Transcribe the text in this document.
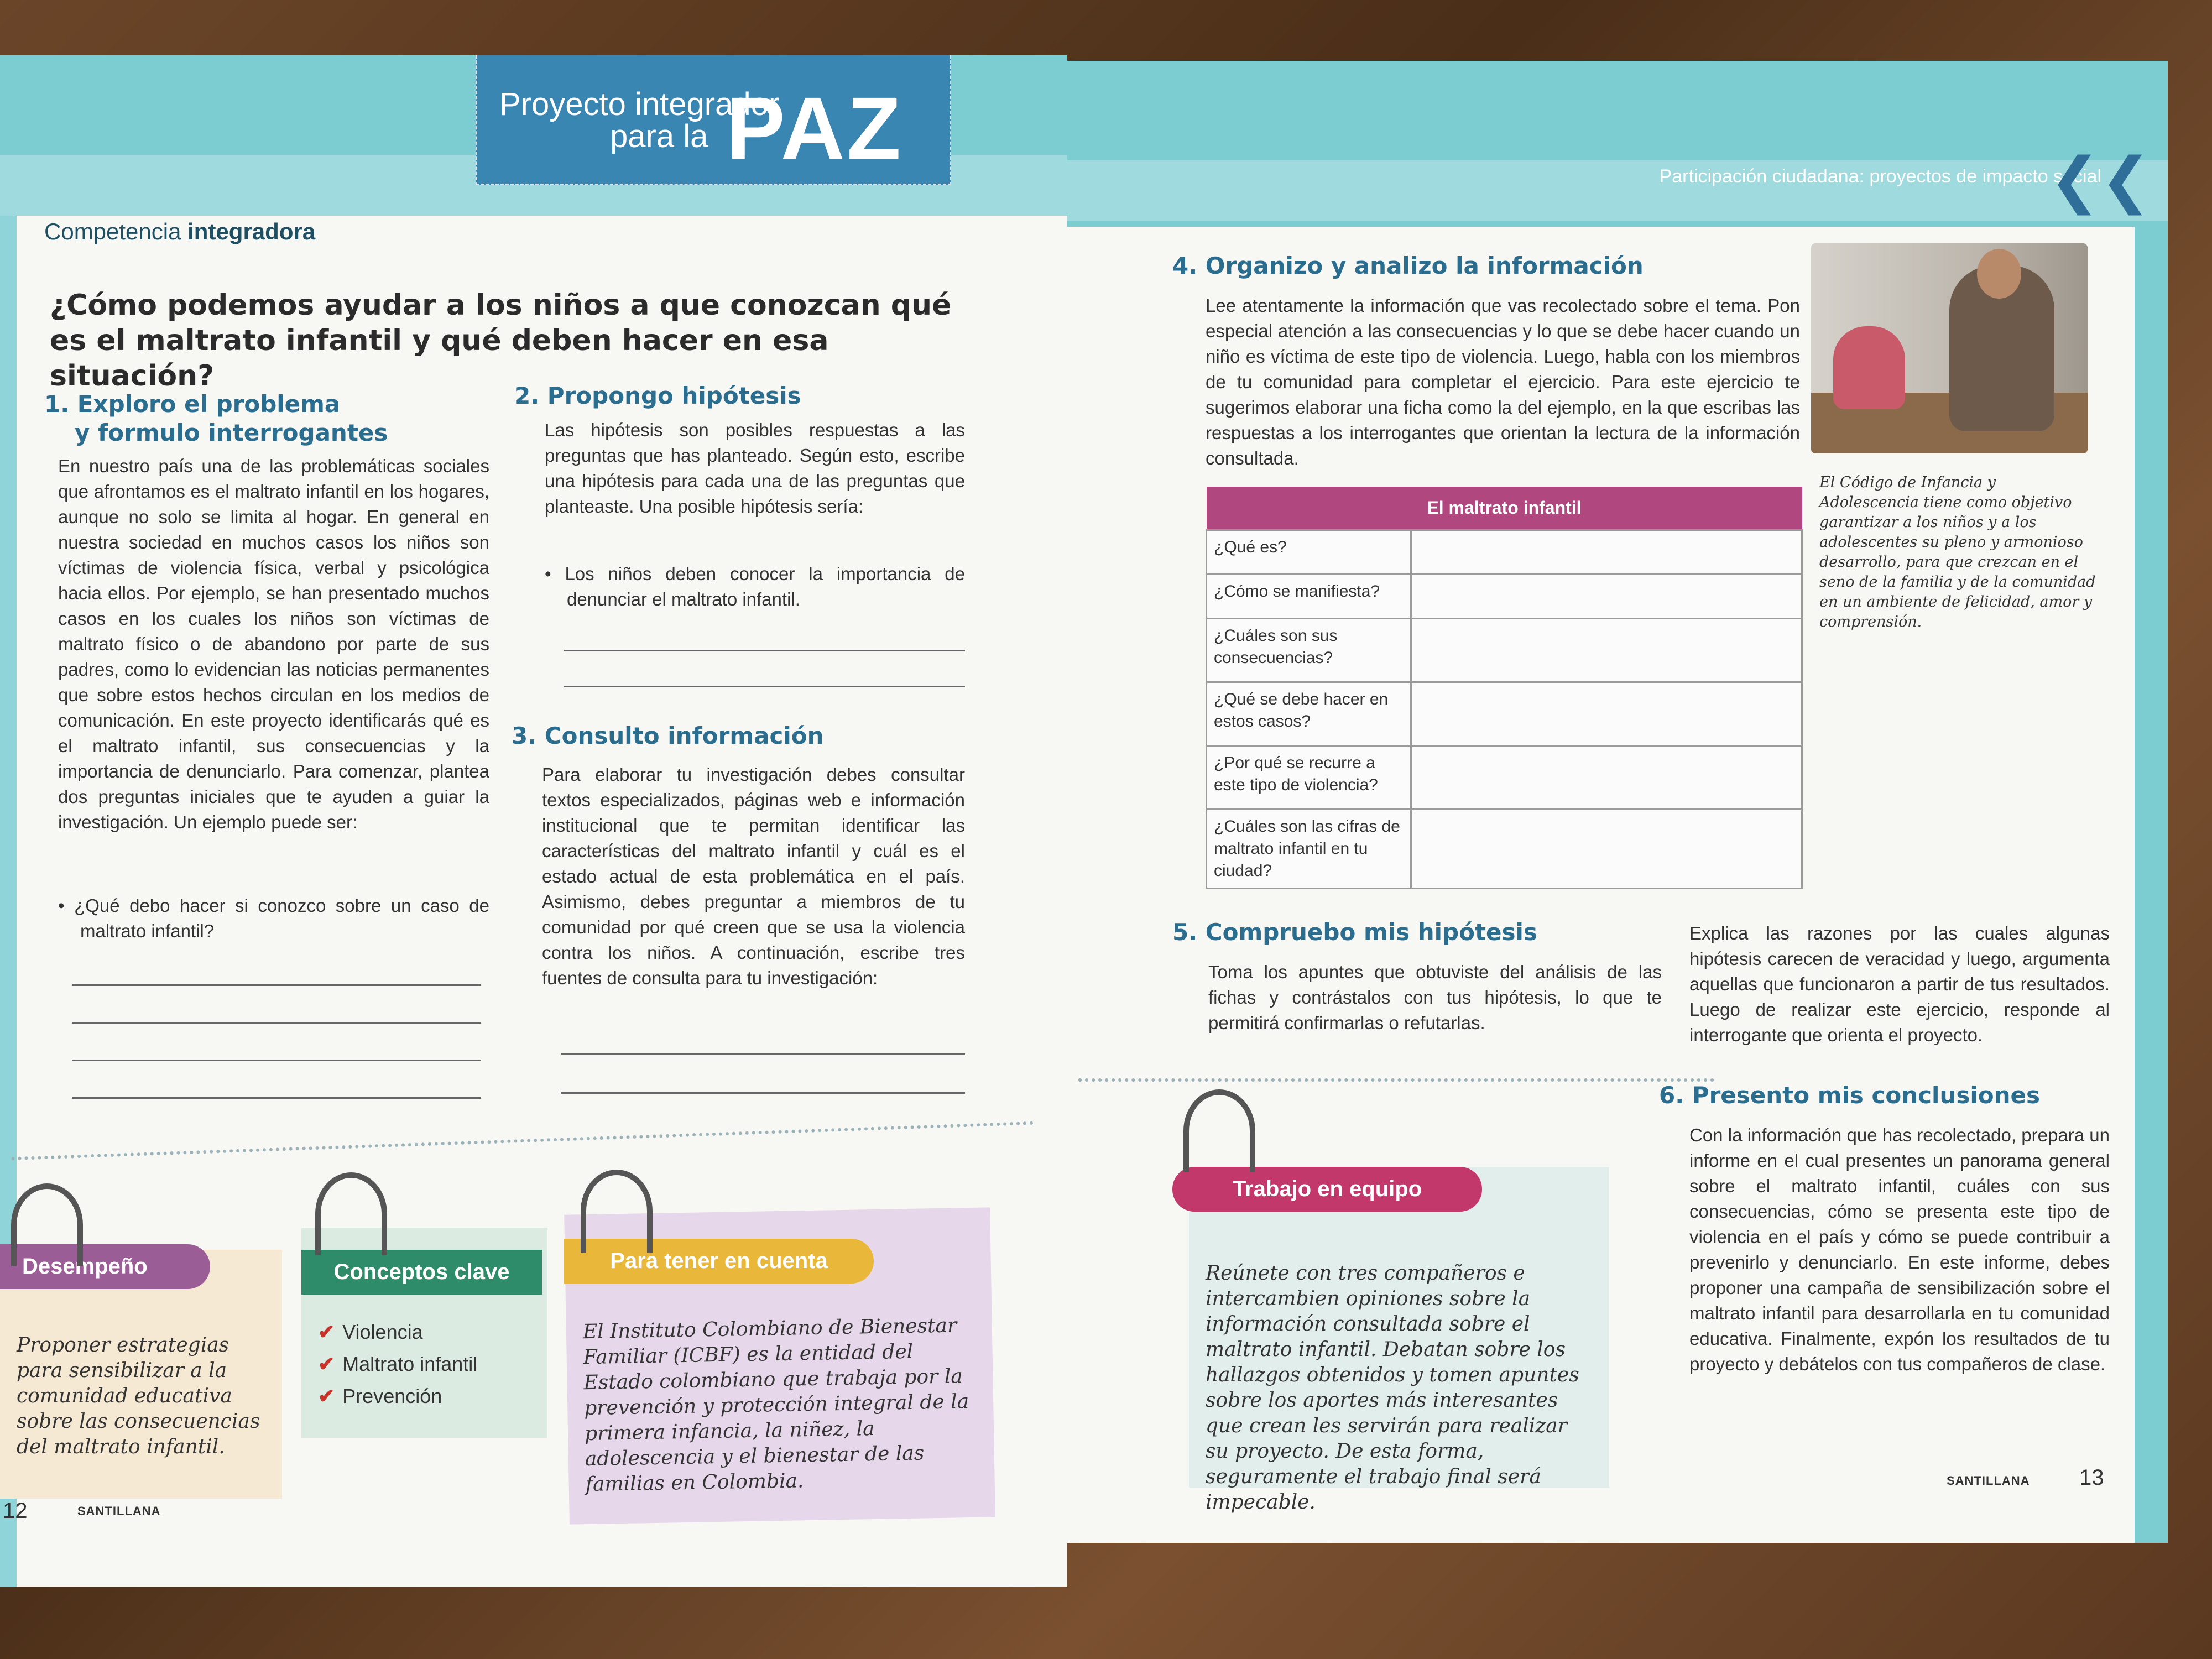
Competencia integradora
Proyecto integrador
para la PAZ
¿Cómo podemos ayudar a los niños a que conozcan qué es el maltrato infantil y qué deben hacer en esa situación?
1. Exploro el problema
y formulo interrogantes
En nuestro país una de las problemáticas sociales que afrontamos es el maltrato infantil en los hogares, aunque no solo se limita al hogar. En general en nuestra sociedad en muchos casos los niños son víctimas de violencia física, verbal y psicológica hacia ellos. Por ejemplo, se han presentado muchos casos en los cuales los niños son víctimas de maltrato físico o de abandono por parte de sus padres, como lo evidencian las noticias permanentes que sobre estos hechos circulan en los medios de comunicación. En este proyecto identificarás qué es el maltrato infantil, sus consecuencias y la importancia de denunciarlo. Para comenzar, plantea dos preguntas iniciales que te ayuden a guiar la investigación. Un ejemplo puede ser:
• ¿Qué debo hacer si conozco sobre un caso de maltrato infantil?
2. Propongo hipótesis
Las hipótesis son posibles respuestas a las preguntas que has planteado. Según esto, escribe una hipótesis para cada una de las preguntas que planteaste. Una posible hipótesis sería:
• Los niños deben conocer la importancia de denunciar el maltrato infantil.
3. Consulto información
Para elaborar tu investigación debes consultar textos especializados, páginas web e información institucional que te permitan identificar las características del maltrato infantil y cuál es el estado actual de esta problemática en el país. Asimismo, debes preguntar a miembros de tu comunidad por qué creen que se usa la violencia contra los niños. A continuación, escribe tres fuentes de consulta para tu investigación:
Proponer estrategias para sensibilizar a la comunidad educativa sobre las consecuencias del maltrato infantil.
Desempeño
✔ Violencia
✔ Maltrato infantil
✔ Prevención
Conceptos clave
El Instituto Colombiano de Bienestar Familiar (ICBF) es la entidad del Estado colombiano que trabaja por la prevención y protección integral de la primera infancia, la niñez, la adolescencia y el bienestar de las familias en Colombia.
Para tener en cuenta
12	SANTILLANA
Participación ciudadana: proyectos de impacto social
❮❮
4. Organizo y analizo la información
Lee atentamente la información que vas recolectado sobre el tema. Pon especial atención a las consecuencias y lo que se debe hacer cuando un niño es víctima de este tipo de violencia. Luego, habla con los miembros de tu comunidad para completar el ejercicio. Para este ejercicio te sugerimos elaborar una ficha como la del ejemplo, en la que escribas las respuestas a los interrogantes que orientan la lectura de la información consultada.
El Código de Infancia y Adolescencia tiene como objetivo garantizar a los niños y a los adolescentes su pleno y armonioso desarrollo, para que crezcan en el seno de la familia y de la comunidad en un ambiente de felicidad, amor y comprensión.
El maltrato infantil	
¿Qué es?	
¿Cómo se manifiesta?	
¿Cuáles son sus consecuencias?	
¿Qué se debe hacer en estos casos?	
¿Por qué se recurre a este tipo de violencia?	
¿Cuáles son las cifras de maltrato infantil en tu ciudad?	
5. Compruebo mis hipótesis
Toma los apuntes que obtuviste del análisis de las fichas y contrástalos con tus hipótesis, lo que te permitirá confirmarlas o refutarlas.
Explica las razones por las cuales algunas hipótesis carecen de veracidad y luego, argumenta aquellas que funcionaron a partir de tus resultados. Luego de realizar este ejercicio, responde al interrogante que orienta el proyecto.
6. Presento mis conclusiones
Con la información que has recolectado, prepara un informe en el cual presentes un panorama general sobre el maltrato infantil, cuáles con sus consecuencias, cómo se presenta este tipo de violencia en el país y cómo se puede contribuir a prevenirlo y denunciarlo. En este informe, debes proponer una campaña de sensibilización sobre el maltrato infantil para desarrollarla en tu comunidad educativa. Finalmente, expón los resultados de tu proyecto y debátelos con tus compañeros de clase.
Reúnete con tres compañeros e intercambien opiniones sobre la información consultada sobre el maltrato infantil. Debatan sobre los hallazgos obtenidos y tomen apuntes sobre los aportes más interesantes que crean les servirán para realizar su proyecto. De esta forma, seguramente el trabajo final será impecable.
Trabajo en equipo
SANTILLANA 13
